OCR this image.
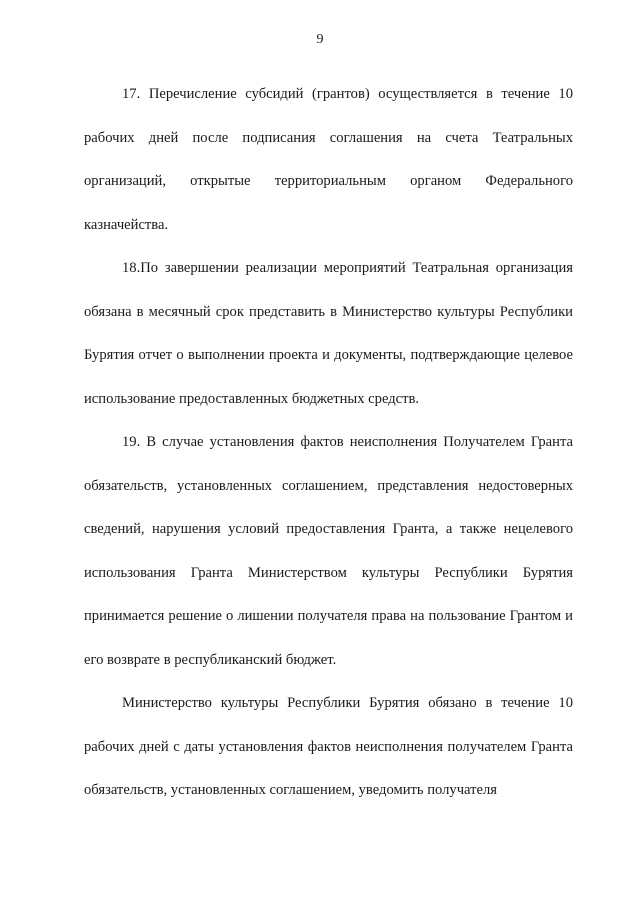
9

17. Перечисление субсидий (грантов) осуществляется в течение 10 рабочих дней после подписания соглашения на счета Театральных организаций, открытые территориальным органом Федерального казначейства.

18.По завершении реализации мероприятий Театральная организация обязана в месячный срок представить в Министерство культуры Республики Бурятия отчет о выполнении проекта и документы, подтверждающие целевое использование предоставленных бюджетных средств.

19. В случае установления фактов неисполнения Получателем Гранта обязательств, установленных соглашением, представления недостоверных сведений, нарушения условий предоставления Гранта, а также нецелевого использования Гранта Министерством культуры Республики Бурятия принимается решение о лишении получателя права на пользование Грантом и его возврате в республиканский бюджет.

Министерство культуры Республики Бурятия обязано в течение 10 рабочих дней с даты установления фактов неисполнения получателем Гранта обязательств, установленных соглашением, уведомить получателя
